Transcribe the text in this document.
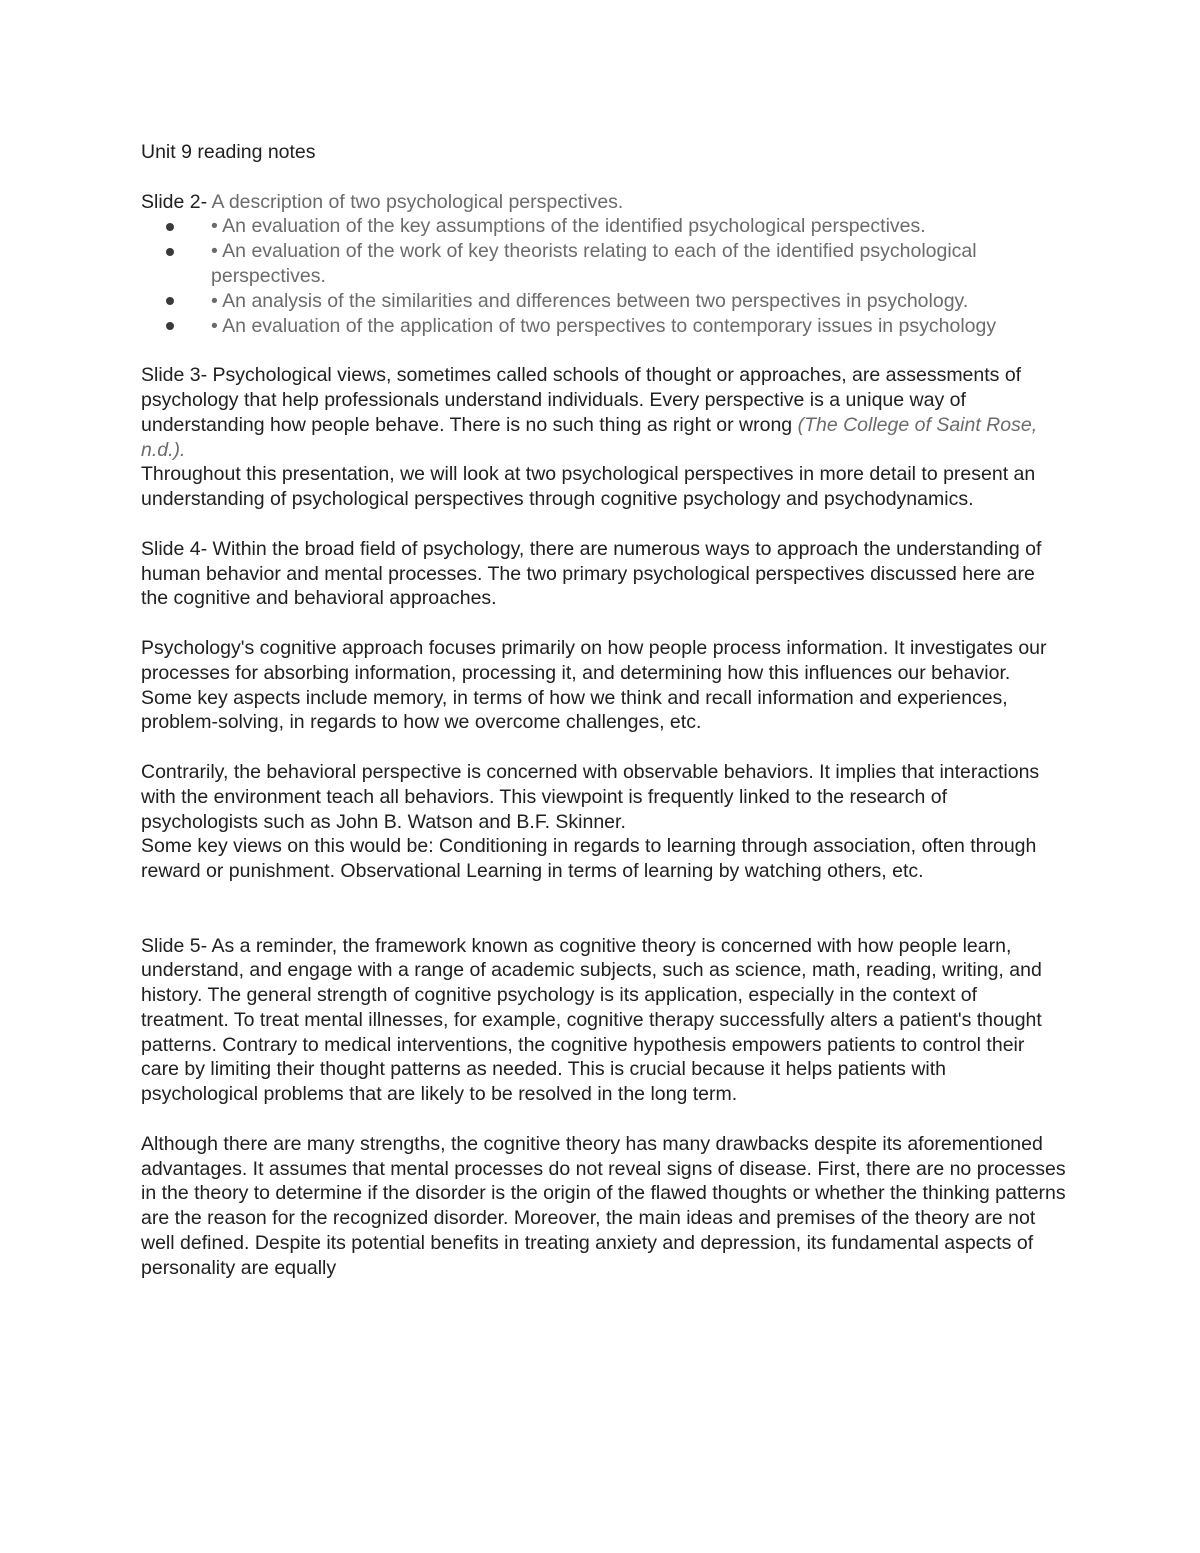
Unit 9 reading notes

Slide 2- A description of two psychological perspectives.

• An evaluation of the key assumptions of the identified psychological perspectives.
• An evaluation of the work of key theorists relating to each of the identified psychological perspectives.
• An analysis of the similarities and differences between two perspectives in psychology.
• An evaluation of the application of two perspectives to contemporary issues in psychology

Slide 3- Psychological views, sometimes called schools of thought or approaches, are assessments of psychology that help professionals understand individuals. Every perspective is a unique way of understanding how people behave. There is no such thing as right or wrong (The College of Saint Rose, n.d.).

Throughout this presentation, we will look at two psychological perspectives in more detail to present an understanding of psychological perspectives through cognitive psychology and psychodynamics.

Slide 4- Within the broad field of psychology, there are numerous ways to approach the understanding of human behavior and mental processes. The two primary psychological perspectives discussed here are the cognitive and behavioral approaches.

Psychology's cognitive approach focuses primarily on how people process information. It investigates our processes for absorbing information, processing it, and determining how this influences our behavior. Some key aspects include memory, in terms of how we think and recall information and experiences, problem-solving, in regards to how we overcome challenges, etc.

Contrarily, the behavioral perspective is concerned with observable behaviors. It implies that interactions with the environment teach all behaviors. This viewpoint is frequently linked to the research of psychologists such as John B. Watson and B.F. Skinner.

Some key views on this would be: Conditioning in regards to learning through association, often through reward or punishment. Observational Learning in terms of learning by watching others, etc.

Slide 5- As a reminder, the framework known as cognitive theory is concerned with how people learn, understand, and engage with a range of academic subjects, such as science, math, reading, writing, and history. The general strength of cognitive psychology is its application, especially in the context of treatment. To treat mental illnesses, for example, cognitive therapy successfully alters a patient's thought patterns. Contrary to medical interventions, the cognitive hypothesis empowers patients to control their care by limiting their thought patterns as needed. This is crucial because it helps patients with psychological problems that are likely to be resolved in the long term.

Although there are many strengths, the cognitive theory has many drawbacks despite its aforementioned advantages. It assumes that mental processes do not reveal signs of disease. First, there are no processes in the theory to determine if the disorder is the origin of the flawed thoughts or whether the thinking patterns are the reason for the recognized disorder. Moreover, the main ideas and premises of the theory are not well defined. Despite its potential benefits in treating anxiety and depression, its fundamental aspects of personality are equally
